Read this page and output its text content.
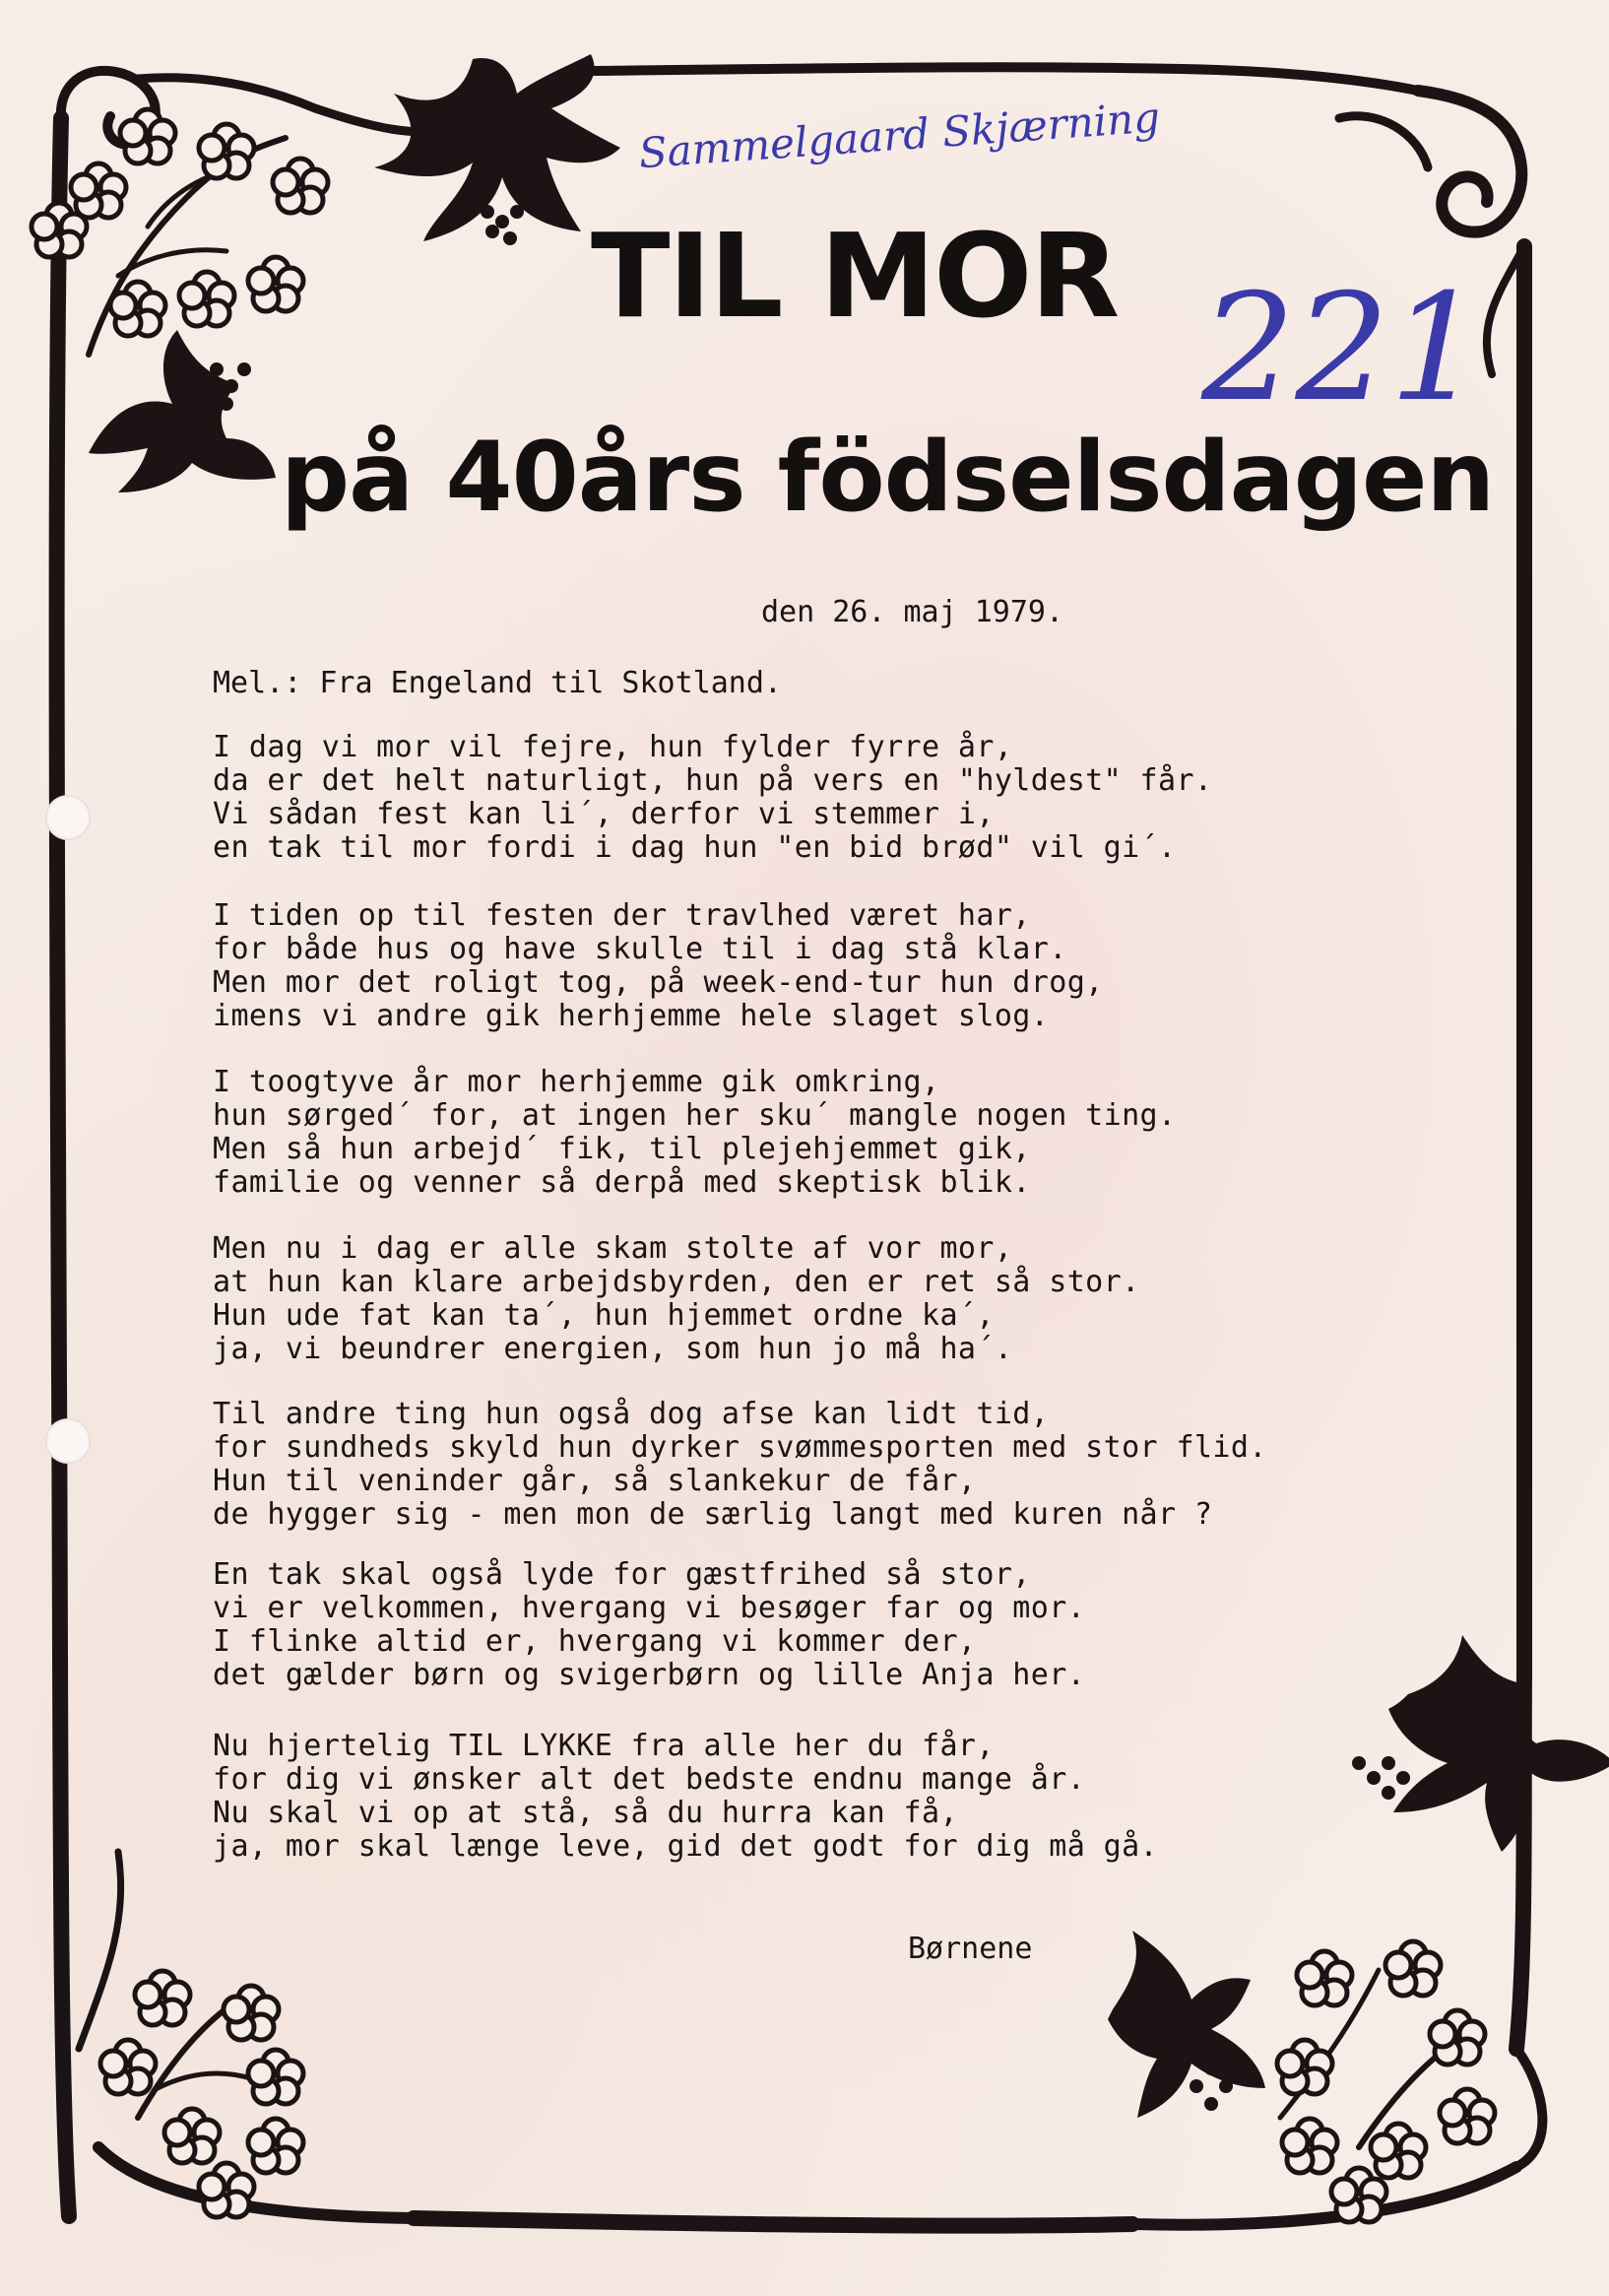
Sammelgaard Skjærning
221
TIL MOR
på 40års födselsdagen
den 26. maj 1979.
Mel.: Fra Engeland til Skotland.
I dag vi mor vil fejre, hun fylder fyrre år,
da er det helt naturligt, hun på vers en "hyldest" får.
Vi sådan fest kan li´, derfor vi stemmer i,
en tak til mor fordi i dag hun "en bid brød" vil gi´.
I tiden op til festen der travlhed været har,
for både hus og have skulle til i dag stå klar.
Men mor det roligt tog, på week-end-tur hun drog,
imens vi andre gik herhjemme hele slaget slog.
I toogtyve år mor herhjemme gik omkring,
hun sørged´ for, at ingen her sku´ mangle nogen ting.
Men så hun arbejd´ fik, til plejehjemmet gik,
familie og venner så derpå med skeptisk blik.
Men nu i dag er alle skam stolte af vor mor,
at hun kan klare arbejdsbyrden, den er ret så stor.
Hun ude fat kan ta´, hun hjemmet ordne ka´,
ja, vi beundrer energien, som hun jo må ha´.
Til andre ting hun også dog afse kan lidt tid,
for sundheds skyld hun dyrker svømmesporten med stor flid.
Hun til veninder går, så slankekur de får,
de hygger sig - men mon de særlig langt med kuren når ?
En tak skal også lyde for gæstfrihed så stor,
vi er velkommen, hvergang vi besøger far og mor.
I flinke altid er, hvergang vi kommer der,
det gælder børn og svigerbørn og lille Anja her.
Nu hjertelig TIL LYKKE fra alle her du får,
for dig vi ønsker alt det bedste endnu mange år.
Nu skal vi op at stå, så du hurra kan få,
ja, mor skal længe leve, gid det godt for dig må gå.
Børnene
